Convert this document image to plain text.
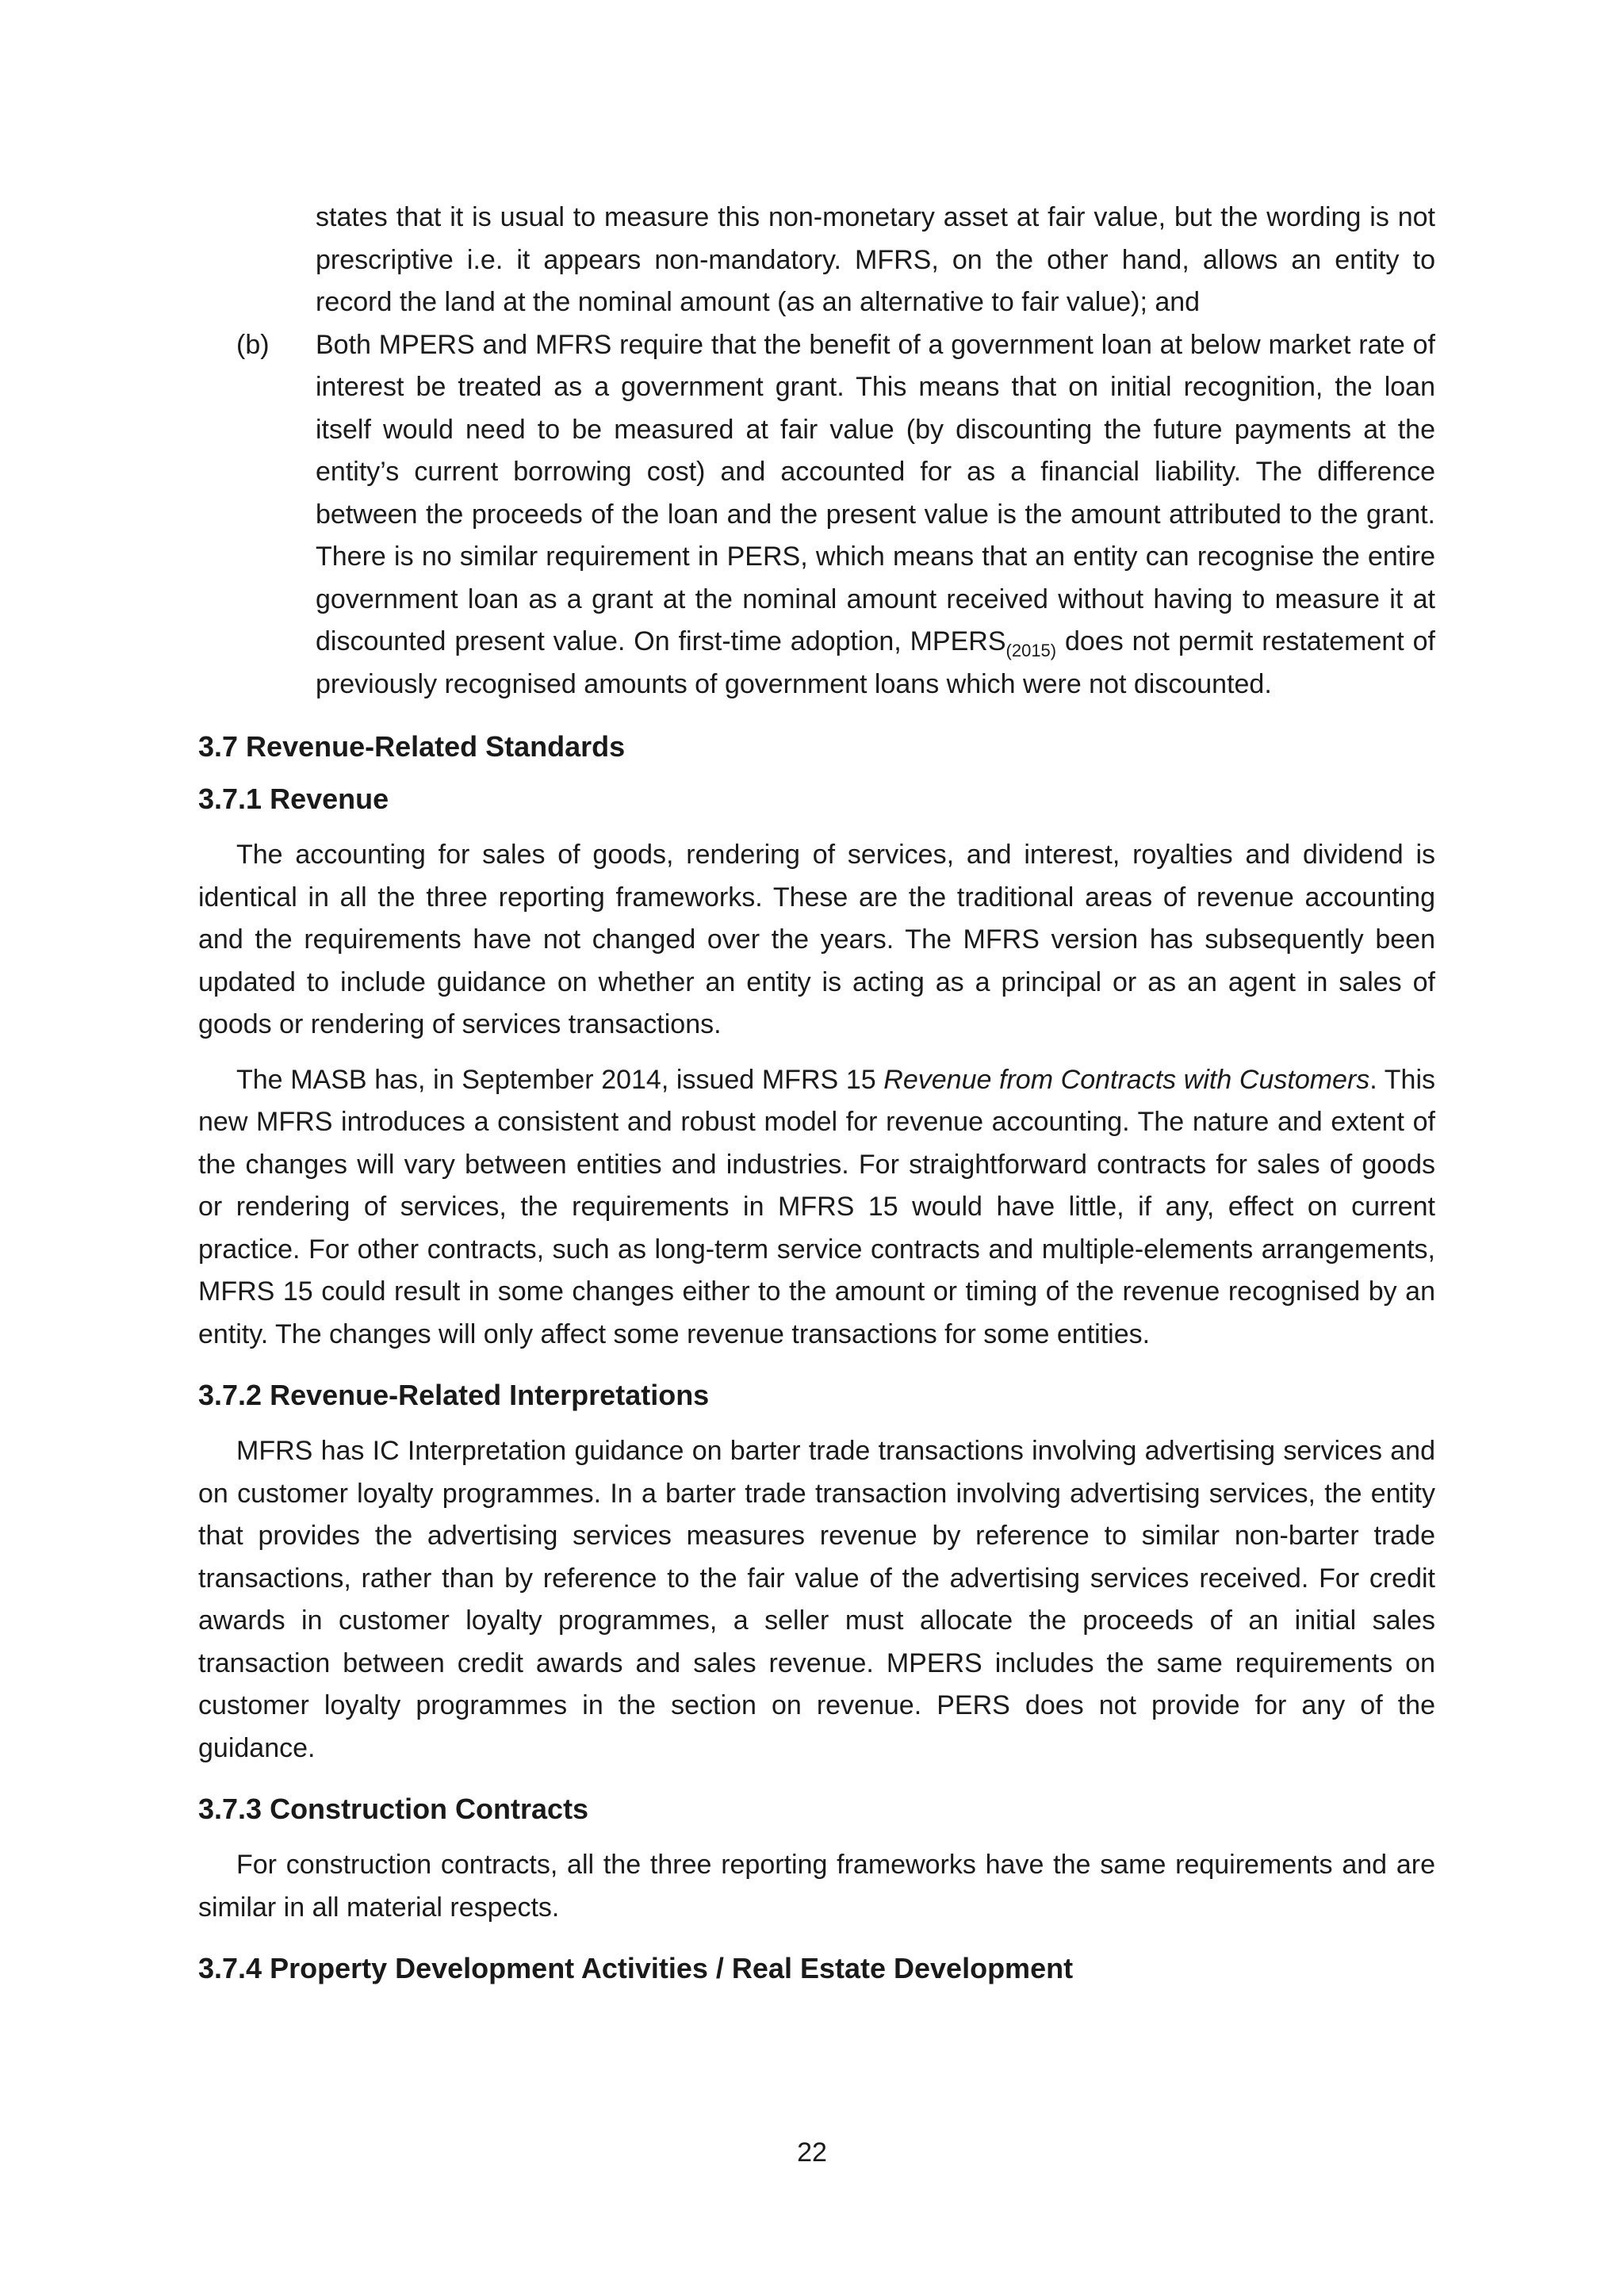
states that it is usual to measure this non-monetary asset at fair value, but the wording is not prescriptive i.e. it appears non-mandatory. MFRS, on the other hand, allows an entity to record the land at the nominal amount (as an alternative to fair value); and

(b) Both MPERS and MFRS require that the benefit of a government loan at below market rate of interest be treated as a government grant. This means that on initial recognition, the loan itself would need to be measured at fair value (by discounting the future payments at the entity’s current borrowing cost) and accounted for as a financial liability. The difference between the proceeds of the loan and the present value is the amount attributed to the grant. There is no similar requirement in PERS, which means that an entity can recognise the entire government loan as a grant at the nominal amount received without having to measure it at discounted present value. On first-time adoption, $MPERS_{(2015)}$ does not permit restatement of previously recognised amounts of government loans which were not discounted.

3.7 Revenue-Related Standards
3.7.1 Revenue

The accounting for sales of goods, rendering of services, and interest, royalties and dividend is identical in all the three reporting frameworks. These are the traditional areas of revenue accounting and the requirements have not changed over the years. The MFRS version has subsequently been updated to include guidance on whether an entity is acting as a principal or as an agent in sales of goods or rendering of services transactions.

The MASB has, in September 2014, issued MFRS 15 Revenue from Contracts with Customers. This new MFRS introduces a consistent and robust model for revenue accounting. The nature and extent of the changes will vary between entities and industries. For straightforward contracts for sales of goods or rendering of services, the requirements in MFRS 15 would have little, if any, effect on current practice. For other contracts, such as long-term service contracts and multiple-elements arrangements, MFRS 15 could result in some changes either to the amount or timing of the revenue recognised by an entity. The changes will only affect some revenue transactions for some entities.

3.7.2 Revenue-Related Interpretations

MFRS has IC Interpretation guidance on barter trade transactions involving advertising services and on customer loyalty programmes. In a barter trade transaction involving advertising services, the entity that provides the advertising services measures revenue by reference to similar non-barter trade transactions, rather than by reference to the fair value of the advertising services received. For credit awards in customer loyalty programmes, a seller must allocate the proceeds of an initial sales transaction between credit awards and sales revenue. MPERS includes the same requirements on customer loyalty programmes in the section on revenue. PERS does not provide for any of the guidance.

3.7.3 Construction Contracts

For construction contracts, all the three reporting frameworks have the same requirements and are similar in all material respects.

3.7.4 Property Development Activities / Real Estate Development
22
